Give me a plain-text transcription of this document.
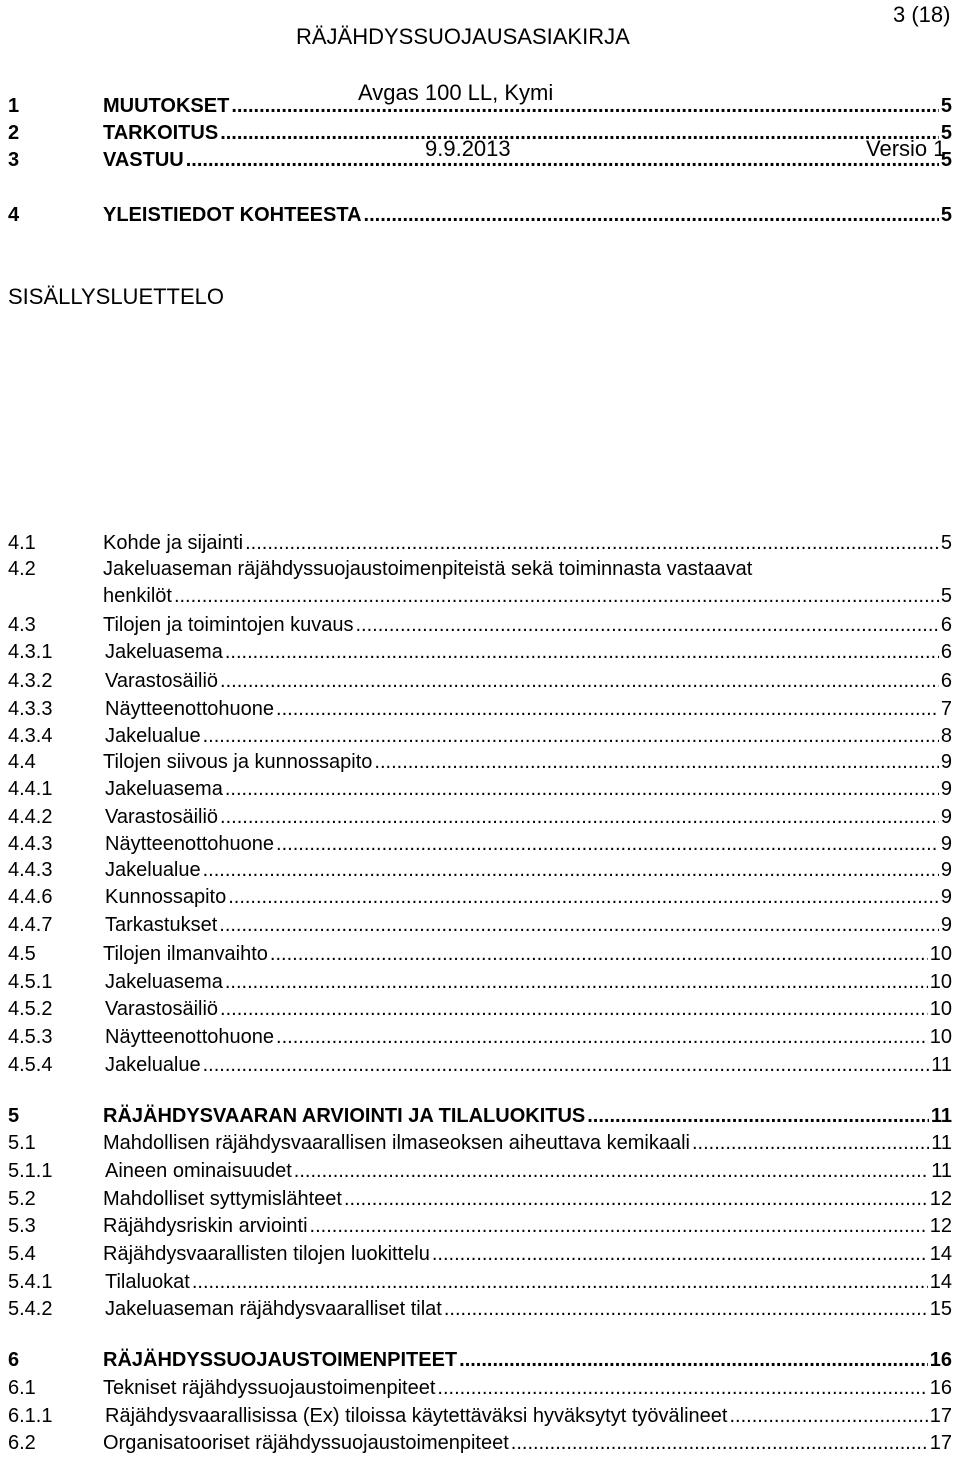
3 (18)
RÄJÄHDYSSUOJAUSASIAKIRJA
Avgas 100 LL, Kymi
9.9.2013	Versio 1
SISÄLLYSLUETTELO
1	MUUTOKSET .....	5
2	TARKOITUS .....	5
3	VASTUU .....	5
4	YLEISTIEDOT KOHTEESTA .....	5
4.1	Kohde ja sijainti .....	5
4.2	Jakeluaseman räjähdyssuojaustoimenpiteistä sekä toiminnasta vastaavat
henkilöt .....	5
4.3	Tilojen ja toimintojen kuvaus .....	6
4.3.1	Jakeluasema .....	6
4.3.2	Varastosäiliö .....	6
4.3.3	Näytteenottohuone .....	7
4.3.4	Jakelualue .....	8
4.4	Tilojen siivous ja kunnossapito .....	9
4.4.1	Jakeluasema .....	9
4.4.2	Varastosäiliö .....	9
4.4.3	Näytteenottohuone .....	9
4.4.3	Jakelualue .....	9
4.4.6	Kunnossapito .....	9
4.4.7	Tarkastukset .....	9
4.5	Tilojen ilmanvaihto .....	10
4.5.1	Jakeluasema .....	10
4.5.2	Varastosäiliö .....	10
4.5.3	Näytteenottohuone .....	10
4.5.4	Jakelualue .....	11
5	RÄJÄHDYSVAARAN ARVIOINTI JA TILALUOKITUS .....	11
5.1	Mahdollisen räjähdysvaarallisen ilmaseoksen aiheuttava kemikaali .....	11
5.1.1	Aineen ominaisuudet .....	11
5.2	Mahdolliset syttymislähteet .....	12
5.3	Räjähdysriskin arviointi .....	12
5.4	Räjähdysvaarallisten tilojen luokittelu .....	14
5.4.1	Tilaluokat .....	14
5.4.2	Jakeluaseman räjähdysvaaralliset tilat .....	15
6	RÄJÄHDYSSUOJAUSTOIMENPITEET .....	16
6.1	Tekniset räjähdyssuojaustoimenpiteet .....	16
6.1.1	Räjähdysvaarallisissa (Ex) tiloissa käytettäväksi hyväksytyt työvälineet .....	17
6.2	Organisatooriset räjähdyssuojaustoimenpiteet .....	17
